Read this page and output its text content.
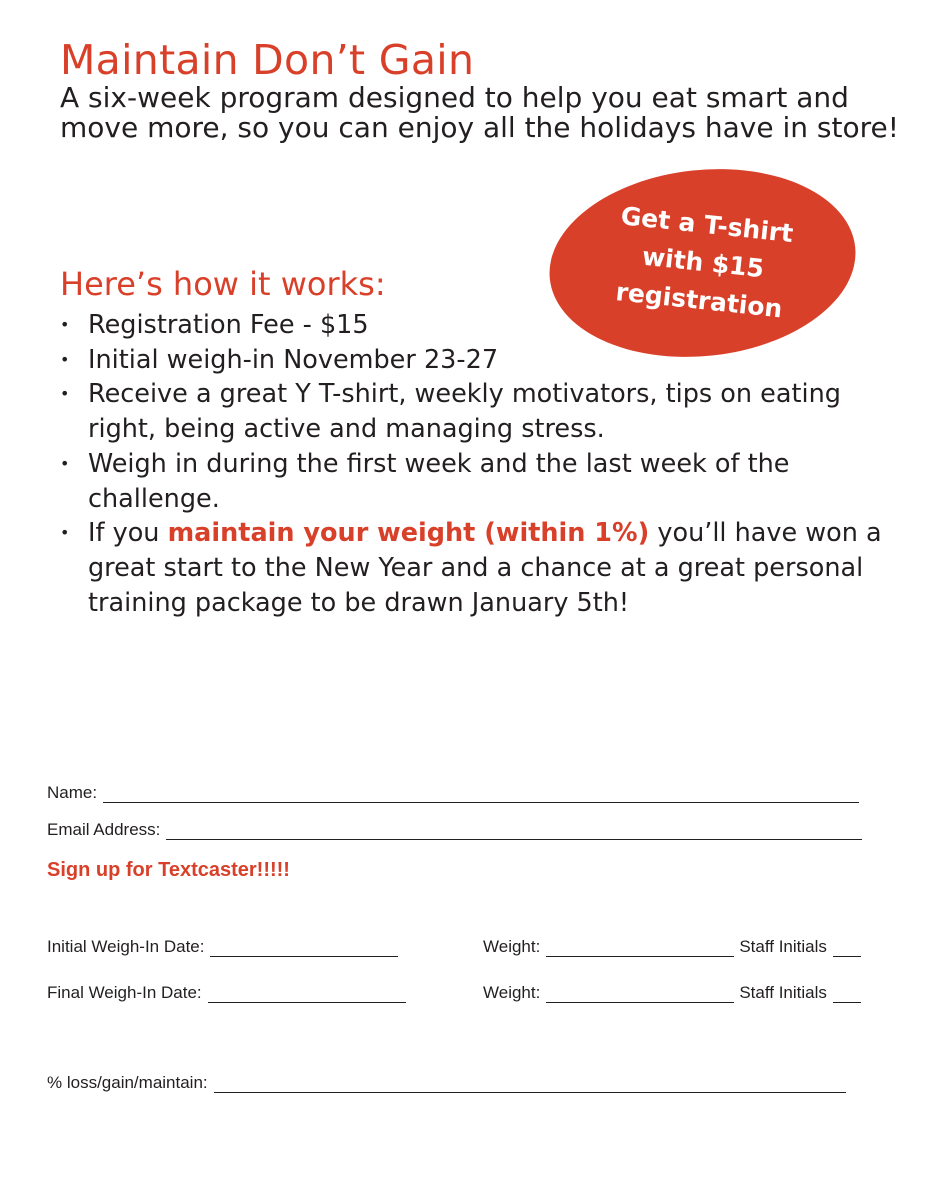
Maintain Don’t Gain

A six-week program designed to help you eat smart and move more, so you can enjoy all the holidays have in store!

Get a T-shirt
with $15
registration
Here’s how it works:
• Registration Fee - $15
• Initial weigh-in November 23-27
• Receive a great Y T-shirt, weekly motivators, tips on eating right, being active and managing stress.
• Weigh in during the first week and the last week of the challenge.
• If you maintain your weight (within 1%) you’ll have won a great start to the New Year and a chance at a great personal training package to be drawn January 5th!
Name:
Email Address:
Sign up for Textcaster!!!!!
Initial Weigh-In Date:	Weight:	Staff Initials
Final Weigh-In Date:	Weight:	Staff Initials
% loss/gain/maintain:
